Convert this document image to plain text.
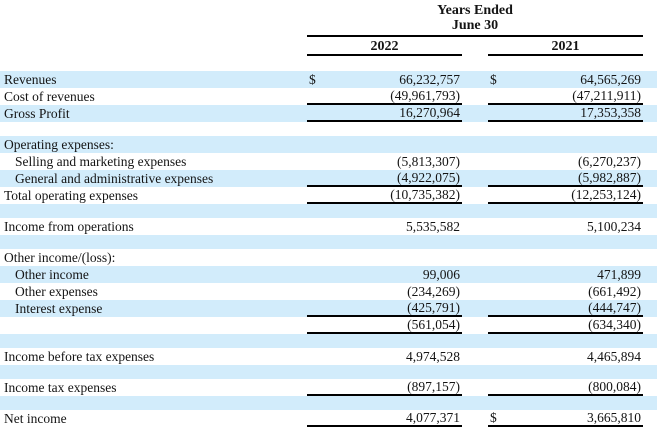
Years Ended
June 30
2022	2021
Revenues	$	66,232,757 $	64,565,269
Cost of revenues	(49,961,793)	(47,211,911)
Gross Profit	16,270,964	17,353,358
Operating expenses:
Selling and marketing expenses	(5,813,307)	(6,270,237)
General and administrative expenses	(4,922,075)	(5,982,887)
Total operating expenses	(10,735,382)	(12,253,124)
Income from operations	5,535,582	5,100,234
Other income/(loss):
Other income	99,006	471,899
Other expenses	(234,269)	(661,492)
Interest expense	(425,791)	(444,747)
(561,054)	(634,340)
Income before tax expenses	4,974,528	4,465,894
Income tax expenses	(897,157)	(800,084)
Net income	4,077,371 $	3,665,810
